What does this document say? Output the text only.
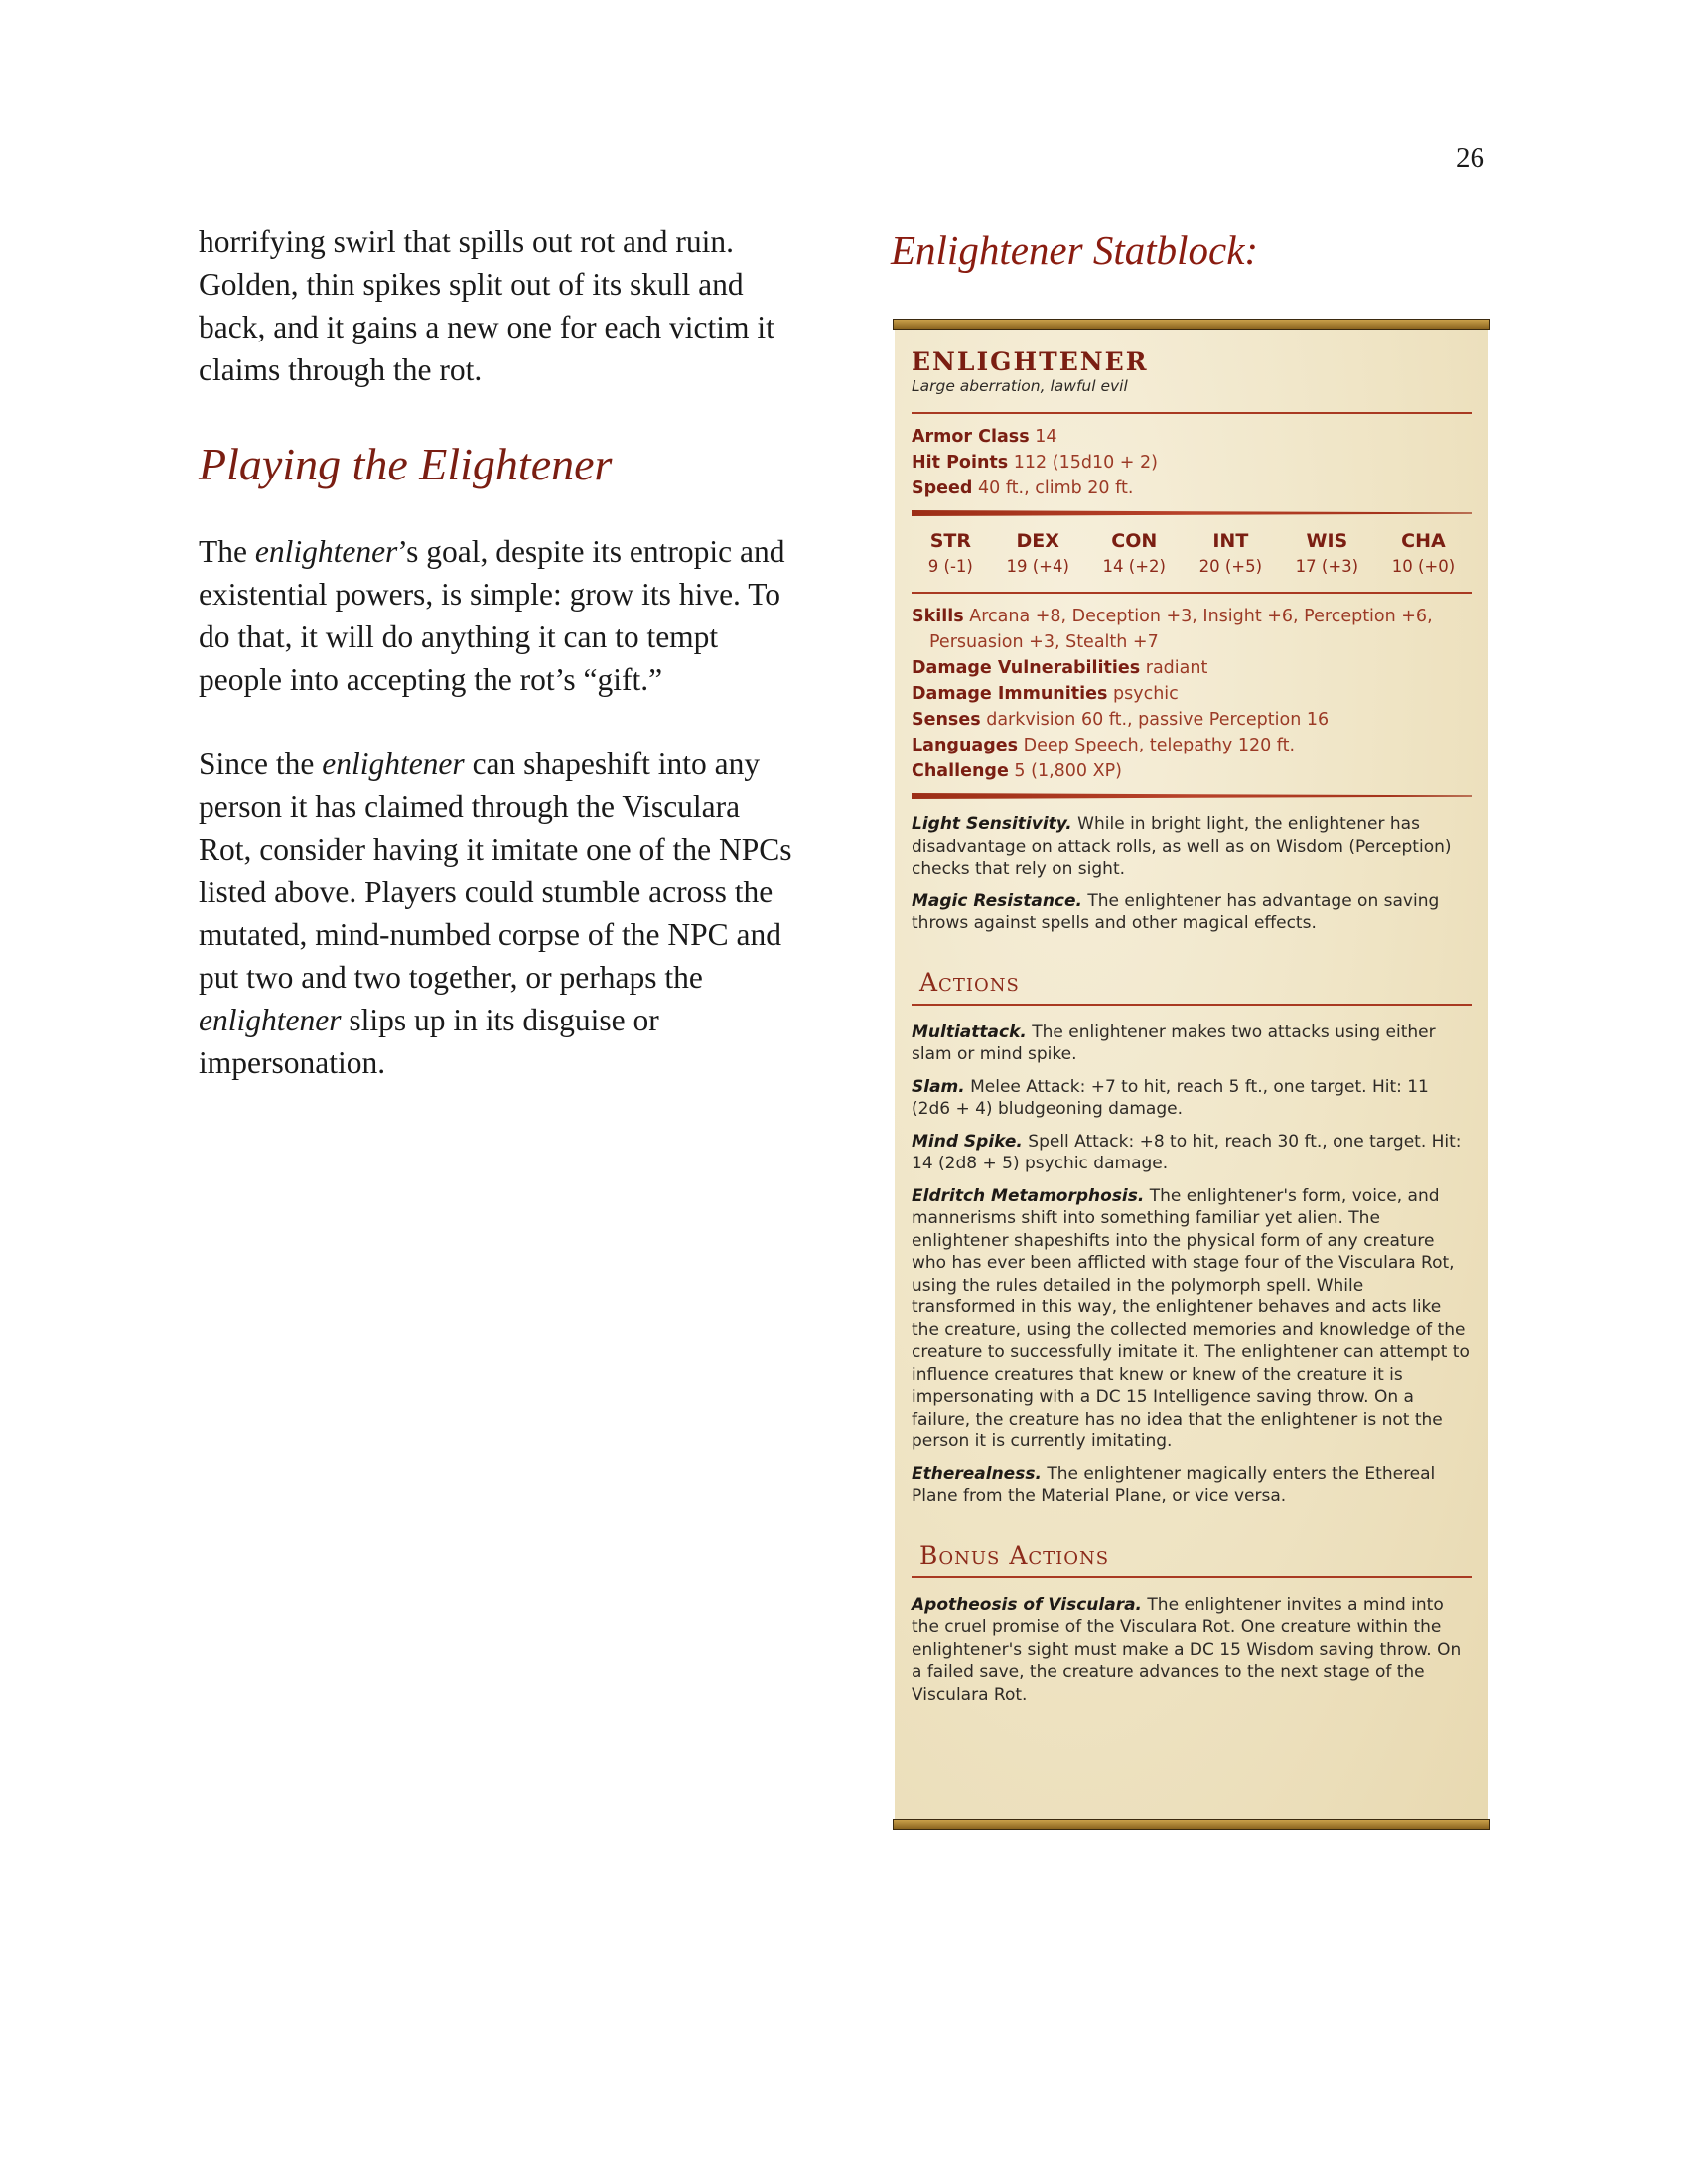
26

horrifying swirl that spills out rot and ruin.
Golden, thin spikes split out of its skull and
back, and it gains a new one for each victim it
claims through the rot.

Playing the Elightener

The enlightener’s goal, despite its entropic and existential powers, is simple: grow its hive. To do that, it will do anything it can to tempt people into accepting the rot’s “gift.”

Since the enlightener can shapeshift into any person it has claimed through the Visculara Rot, consider having it imitate one of the NPCs listed above. Players could stumble across the mutated, mind-numbed corpse of the NPC and put two and two together, or perhaps the enlightener slips up in its disguise or impersonation.

Enlightener Statblock:
ENLIGHTENER
Large aberration, lawful evil
Armor Class 14
Hit Points 112 (15d10 + 2)
Speed 40 ft., climb 20 ft.
STR
9 (-1)
DEX
19 (+4)
CON
14 (+2)
INT
20 (+5)
WIS
17 (+3)
CHA
10 (+0)
Skills Arcana +8, Deception +3, Insight +6, Perception +6,
Persuasion +3, Stealth +7
Damage Vulnerabilities radiant
Damage Immunities psychic
Senses darkvision 60 ft., passive Perception 16
Languages Deep Speech, telepathy 120 ft.
Challenge 5 (1,800 XP)
Light Sensitivity. While in bright light, the enlightener has disadvantage on attack rolls, as well as on Wisdom (Perception) checks that rely on sight.
Magic Resistance. The enlightener has advantage on saving throws against spells and other magical effects.
Actions
Multiattack. The enlightener makes two attacks using either slam or mind spike.
Slam. Melee Attack: +7 to hit, reach 5 ft., one target. Hit: 11 (2d6 + 4) bludgeoning damage.
Mind Spike. Spell Attack: +8 to hit, reach 30 ft., one target. Hit: 14 (2d8 + 5) psychic damage.
Eldritch Metamorphosis. The enlightener's form, voice, and mannerisms shift into something familiar yet alien. The enlightener shapeshifts into the physical form of any creature who has ever been afflicted with stage four of the Visculara Rot, using the rules detailed in the polymorph spell. While transformed in this way, the enlightener behaves and acts like the creature, using the collected memories and knowledge of the creature to successfully imitate it. The enlightener can attempt to influence creatures that knew or knew of the creature it is impersonating with a DC 15 Intelligence saving throw. On a failure, the creature has no idea that the enlightener is not the person it is currently imitating.
Etherealness. The enlightener magically enters the Ethereal Plane from the Material Plane, or vice versa.
Bonus Actions
Apotheosis of Visculara. The enlightener invites a mind into the cruel promise of the Visculara Rot. One creature within the enlightener's sight must make a DC 15 Wisdom saving throw. On a failed save, the creature advances to the next stage of the Visculara Rot.
